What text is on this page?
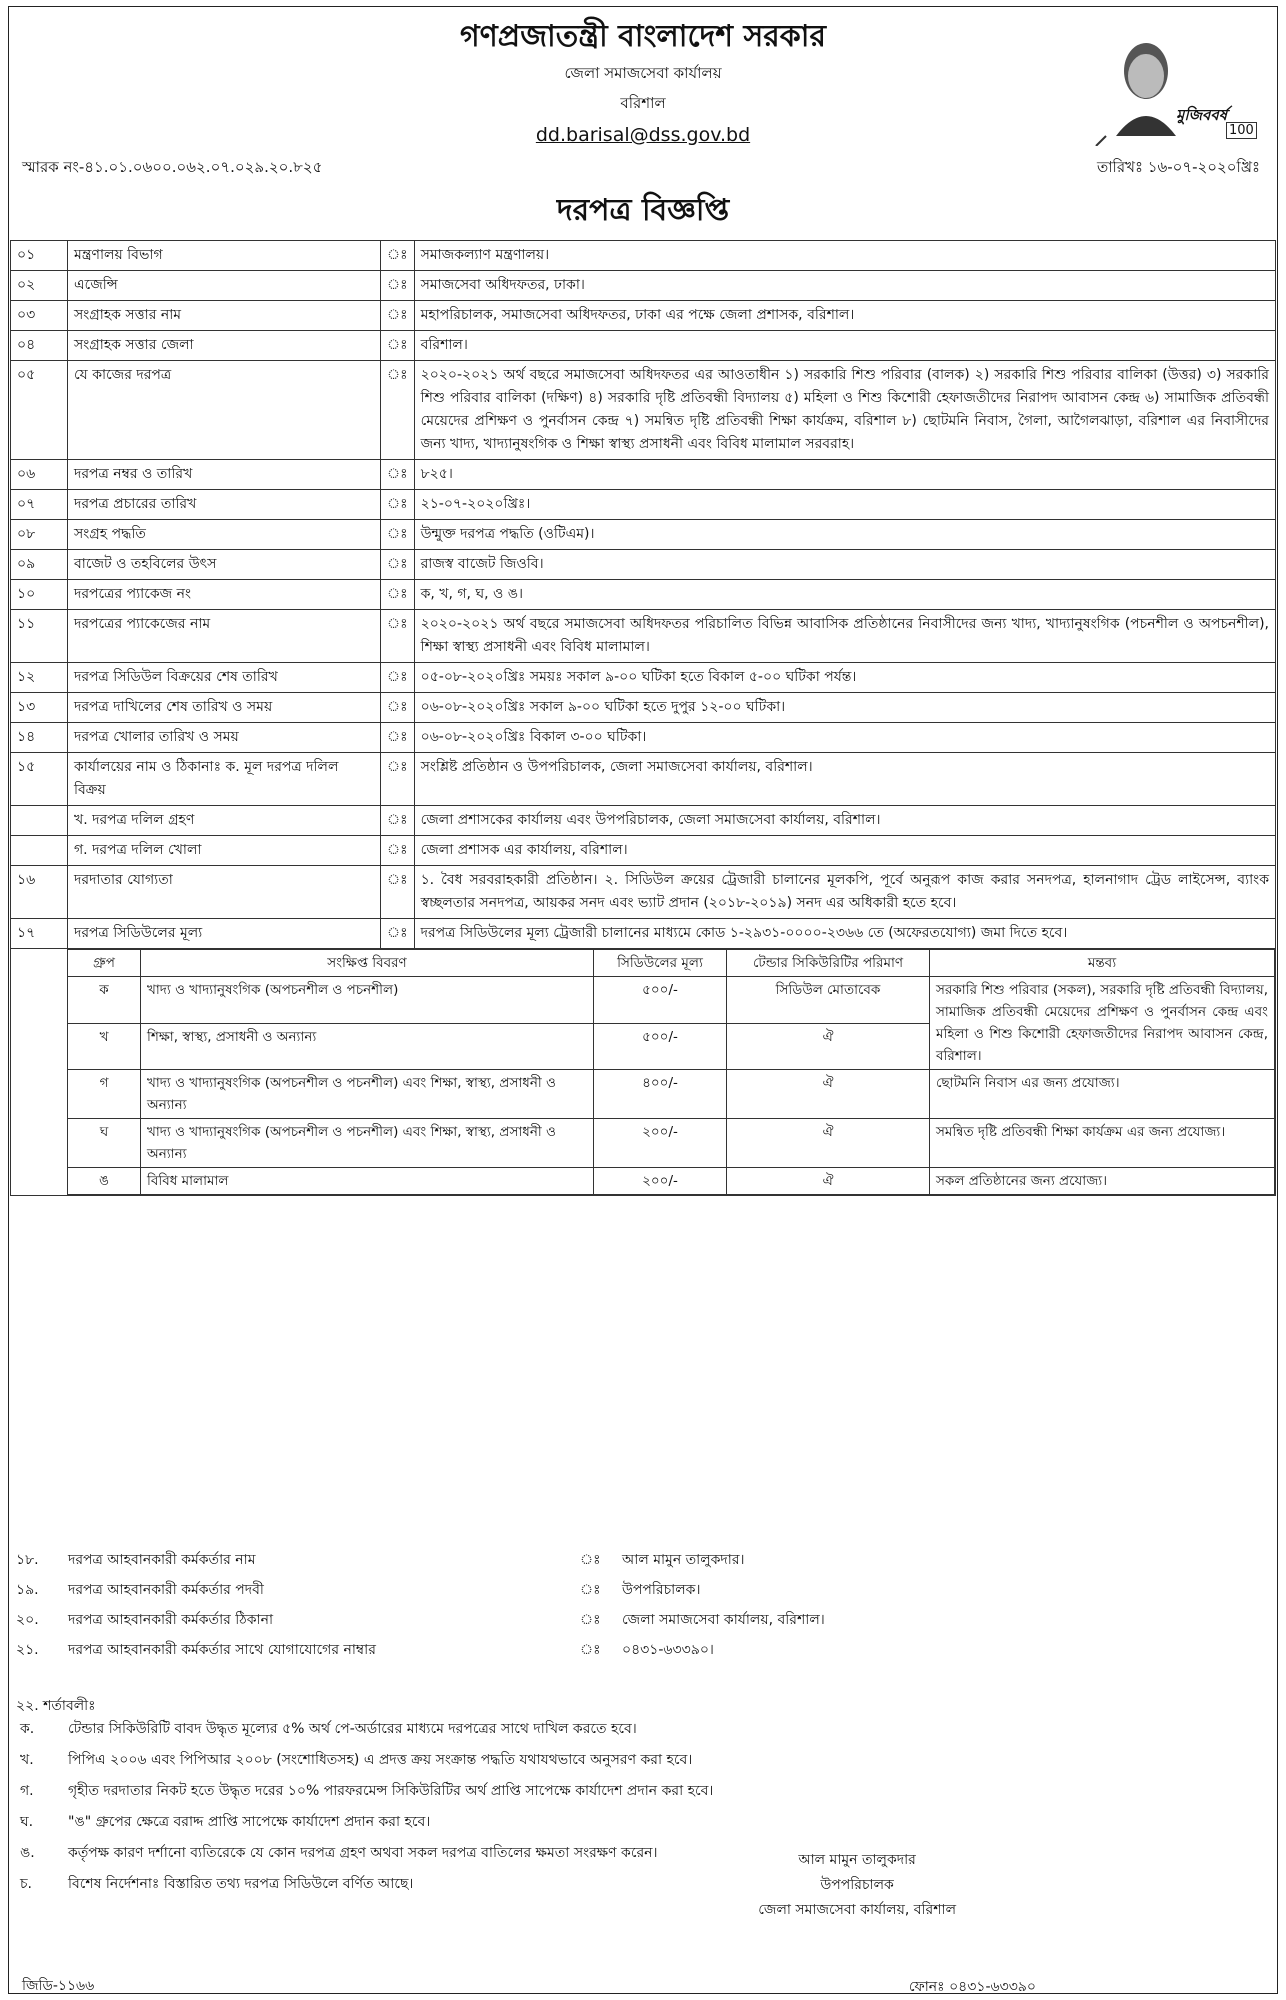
গণপ্রজাতন্ত্রী বাংলাদেশ সরকার
জেলা সমাজসেবা কার্যালয়
বরিশাল
dd.barisal@dss.gov.bd
মুজিববর্ষ
100
স্মারক নং-৪১.০১.০৬০০.০৬২.০৭.০২৯.২০.৮২৫	তারিখঃ ১৬-০৭-২০২০খ্রিঃ
দরপত্র বিজ্ঞপ্তি
০১	মন্ত্রণালয় বিভাগ	ঃ	সমাজকল্যাণ মন্ত্রণালয়।
০২	এজেন্সি	ঃ	সমাজসেবা অধিদফতর, ঢাকা।
০৩	সংগ্রাহক সত্তার নাম	ঃ	মহাপরিচালক, সমাজসেবা অধিদফতর, ঢাকা এর পক্ষে জেলা প্রশাসক, বরিশাল।
০৪	সংগ্রাহক সত্তার জেলা	ঃ	বরিশাল।
০৫	যে কাজের দরপত্র	ঃ	২০২০-২০২১ অর্থ বছরে সমাজসেবা অধিদফতর এর আওতাধীন ১) সরকারি শিশু পরিবার (বালক) ২) সরকারি শিশু পরিবার বালিকা (উত্তর) ৩) সরকারি শিশু পরিবার বালিকা (দক্ষিণ) ৪) সরকারি দৃষ্টি প্রতিবন্ধী বিদ্যালয় ৫) মহিলা ও শিশু কিশোরী হেফাজতীদের নিরাপদ আবাসন কেন্দ্র ৬) সামাজিক প্রতিবন্ধী মেয়েদের প্রশিক্ষণ ও পুনর্বাসন কেন্দ্র ৭) সমন্বিত দৃষ্টি প্রতিবন্ধী শিক্ষা কার্যক্রম, বরিশাল ৮) ছোটমনি নিবাস, গৈলা, আগৈলঝাড়া, বরিশাল এর নিবাসীদের জন্য খাদ্য, খাদ্যানুষংগিক ও শিক্ষা স্বাস্থ্য প্রসাধনী এবং বিবিধ মালামাল সরবরাহ।
০৬	দরপত্র নম্বর ও তারিখ	ঃ	৮২৫।
০৭	দরপত্র প্রচারের তারিখ	ঃ	২১-০৭-২০২০খ্রিঃ।
০৮	সংগ্রহ পদ্ধতি	ঃ	উন্মুক্ত দরপত্র পদ্ধতি (ওটিএম)।
০৯	বাজেট ও তহবিলের উৎস	ঃ	রাজস্ব বাজেট জিওবি।
১০	দরপত্রের প্যাকেজ নং	ঃ	ক, খ, গ, ঘ, ও ঙ।
১১	দরপত্রের প্যাকেজের নাম	ঃ	২০২০-২০২১ অর্থ বছরে সমাজসেবা অধিদফতর পরিচালিত বিভিন্ন আবাসিক প্রতিষ্ঠানের নিবাসীদের জন্য খাদ্য, খাদ্যানুষংগিক (পচনশীল ও অপচনশীল), শিক্ষা স্বাস্থ্য প্রসাধনী এবং বিবিধ মালামাল।
১২	দরপত্র সিডিউল বিক্রয়ের শেষ তারিখ	ঃ	০৫-০৮-২০২০খ্রিঃ সময়ঃ সকাল ৯-০০ ঘটিকা হতে বিকাল ৫-০০ ঘটিকা পর্যন্ত।
১৩	দরপত্র দাখিলের শেষ তারিখ ও সময়	ঃ	০৬-০৮-২০২০খ্রিঃ সকাল ৯-০০ ঘটিকা হতে দুপুর ১২-০০ ঘটিকা।
১৪	দরপত্র খোলার তারিখ ও সময়	ঃ	০৬-০৮-২০২০খ্রিঃ বিকাল ৩-০০ ঘটিকা।
১৫	কার্যালয়ের নাম ও ঠিকানাঃ ক. মূল দরপত্র দলিল বিক্রয়	ঃ	সংশ্লিষ্ট প্রতিষ্ঠান ও উপপরিচালক, জেলা সমাজসেবা কার্যালয়, বরিশাল।
	খ. দরপত্র দলিল গ্রহণ	ঃ	জেলা প্রশাসকের কার্যালয় এবং উপপরিচালক, জেলা সমাজসেবা কার্যালয়, বরিশাল।
	গ. দরপত্র দলিল খোলা	ঃ	জেলা প্রশাসক এর কার্যালয়, বরিশাল।
১৬	দরদাতার যোগ্যতা	ঃ	১. বৈধ সরবরাহকারী প্রতিষ্ঠান। ২. সিডিউল ক্রয়ের ট্রেজারী চালানের মূলকপি, পূর্বে অনুরূপ কাজ করার সনদপত্র, হালনাগাদ ট্রেড লাইসেন্স, ব্যাংক স্বচ্ছলতার সনদপত্র, আয়কর সনদ এবং ভ্যাট প্রদান (২০১৮-২০১৯) সনদ এর অধিকারী হতে হবে।
১৭	দরপত্র সিডিউলের মূল্য	ঃ	দরপত্র সিডিউলের মূল্য ট্রেজারী চালানের মাধ্যমে কোড ১-২৯৩১-০০০০-২৩৬৬ তে (অফেরতযোগ্য) জমা দিতে হবে।

গ্রুপ	সংক্ষিপ্ত বিবরণ	সিডিউলের মূল্য	টেন্ডার সিকিউরিটির পরিমাণ	মন্তব্য
ক	খাদ্য ও খাদ্যানুষংগিক (অপচনশীল ও পচনশীল)	৫০০/-	সিডিউল মোতাবেক	সরকারি শিশু পরিবার (সকল), সরকারি দৃষ্টি প্রতিবন্ধী বিদ্যালয়, সামাজিক প্রতিবন্ধী মেয়েদের প্রশিক্ষণ ও পুনর্বাসন কেন্দ্র এবং মহিলা ও শিশু কিশোরী হেফাজতীদের নিরাপদ আবাসন কেন্দ্র, বরিশাল।
খ	শিক্ষা, স্বাস্থ্য, প্রসাধনী ও অন্যান্য	৫০০/-	ঐ
গ	খাদ্য ও খাদ্যানুষংগিক (অপচনশীল ও পচনশীল) এবং শিক্ষা, স্বাস্থ্য, প্রসাধনী ও অন্যান্য	৪০০/-	ঐ	ছোটমনি নিবাস এর জন্য প্রযোজ্য।
ঘ	খাদ্য ও খাদ্যানুষংগিক (অপচনশীল ও পচনশীল) এবং শিক্ষা, স্বাস্থ্য, প্রসাধনী ও অন্যান্য	২০০/-	ঐ	সমন্বিত দৃষ্টি প্রতিবন্ধী শিক্ষা কার্যক্রম এর জন্য প্রযোজ্য।
ঙ	বিবিধ মালামাল	২০০/-	ঐ	সকল প্রতিষ্ঠানের জন্য প্রযোজ্য।
১৮.	দরপত্র আহবানকারী কর্মকর্তার নাম	ঃ	আল মামুন তালুকদার।
১৯.	দরপত্র আহবানকারী কর্মকর্তার পদবী	ঃ	উপপরিচালক।
২০.	দরপত্র আহবানকারী কর্মকর্তার ঠিকানা	ঃ	জেলা সমাজসেবা কার্যালয়, বরিশাল।
২১.	দরপত্র আহবানকারী কর্মকর্তার সাথে যোগাযোগের নাম্বার	ঃ	০৪৩১-৬৩৩৯০।
২২. শর্তাবলীঃ
ক.	টেন্ডার সিকিউরিটি বাবদ উদ্ধৃত মূল্যের ৫% অর্থ পে-অর্ডারের মাধ্যমে দরপত্রের সাথে দাখিল করতে হবে।
খ.	পিপিএ ২০০৬ এবং পিপিআর ২০০৮ (সংশোধিতসহ) এ প্রদত্ত ক্রয় সংক্রান্ত পদ্ধতি যথাযথভাবে অনুসরণ করা হবে।
গ.	গৃহীত দরদাতার নিকট হতে উদ্ধৃত দরের ১০% পারফরমেন্স সিকিউরিটির অর্থ প্রাপ্তি সাপেক্ষে কার্যাদেশ প্রদান করা হবে।
ঘ.	"ঙ" গ্রুপের ক্ষেত্রে বরাদ্দ প্রাপ্তি সাপেক্ষে কার্যাদেশ প্রদান করা হবে।
ঙ.	কর্তৃপক্ষ কারণ দর্শানো ব্যতিরেকে যে কোন দরপত্র গ্রহণ অথবা সকল দরপত্র বাতিলের ক্ষমতা সংরক্ষণ করেন।
চ.	বিশেষ নির্দেশনাঃ বিস্তারিত তথ্য দরপত্র সিডিউলে বর্ণিত আছে।
আল মামুন তালুকদার
উপপরিচালক
জেলা সমাজসেবা কার্যালয়, বরিশাল
ফোনঃ ০৪৩১-৬৩৩৯০
জিডি-১১৬৬
